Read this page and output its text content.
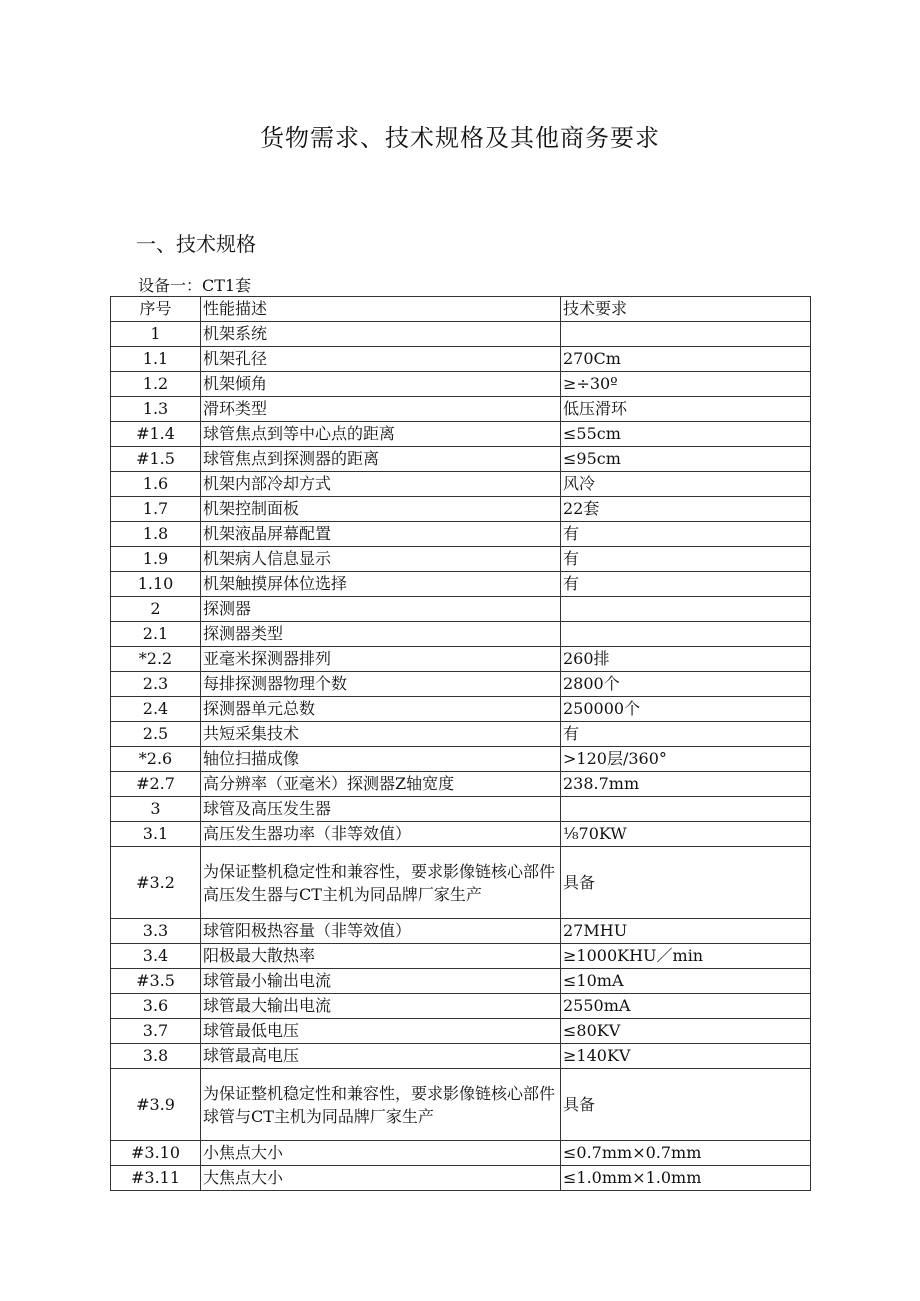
货物需求、技术规格及其他商务要求
一、技术规格
设备一：CT1套
序号	性能描述	技术要求
1	机架系统	
1.1	机架孔径	270Cm
1.2	机架倾角	≥÷30º
1.3	滑环类型	低压滑环
#1.4	球管焦点到等中心点的距离	≤55cm
#1.5	球管焦点到探测器的距离	≤95cm
1.6	机架内部冷却方式	风冷
1.7	机架控制面板	22套
1.8	机架液晶屏幕配置	有
1.9	机架病人信息显示	有
1.10	机架触摸屏体位选择	有
2	探测器	
2.1	探测器类型	
*2.2	亚毫米探测器排列	260排
2.3	每排探测器物理个数	2800个
2.4	探测器单元总数	250000个
2.5	共短采集技术	有
*2.6	轴位扫描成像	>120层/360°
#2.7	高分辨率（亚毫米）探测器Z轴宽度	238.7mm
3	球管及高压发生器	
3.1	高压发生器功率（非等效值）	⅛70KW
#3.2	为保证整机稳定性和兼容性，要求影像链核心部件高压发生器与CT主机为同品牌厂家生产	具备
3.3	球管阳极热容量（非等效值）	27MHU
3.4	阳极最大散热率	≥1000KHU／min
#3.5	球管最小输出电流	≤10mA
3.6	球管最大输出电流	2550mA
3.7	球管最低电压	≤80KV
3.8	球管最高电压	≥140KV
#3.9	为保证整机稳定性和兼容性，要求影像链核心部件球管与CT主机为同品牌厂家生产	具备
#3.10	小焦点大小	≤0.7mm×0.7mm
#3.11	大焦点大小	≤1.0mm×1.0mm
